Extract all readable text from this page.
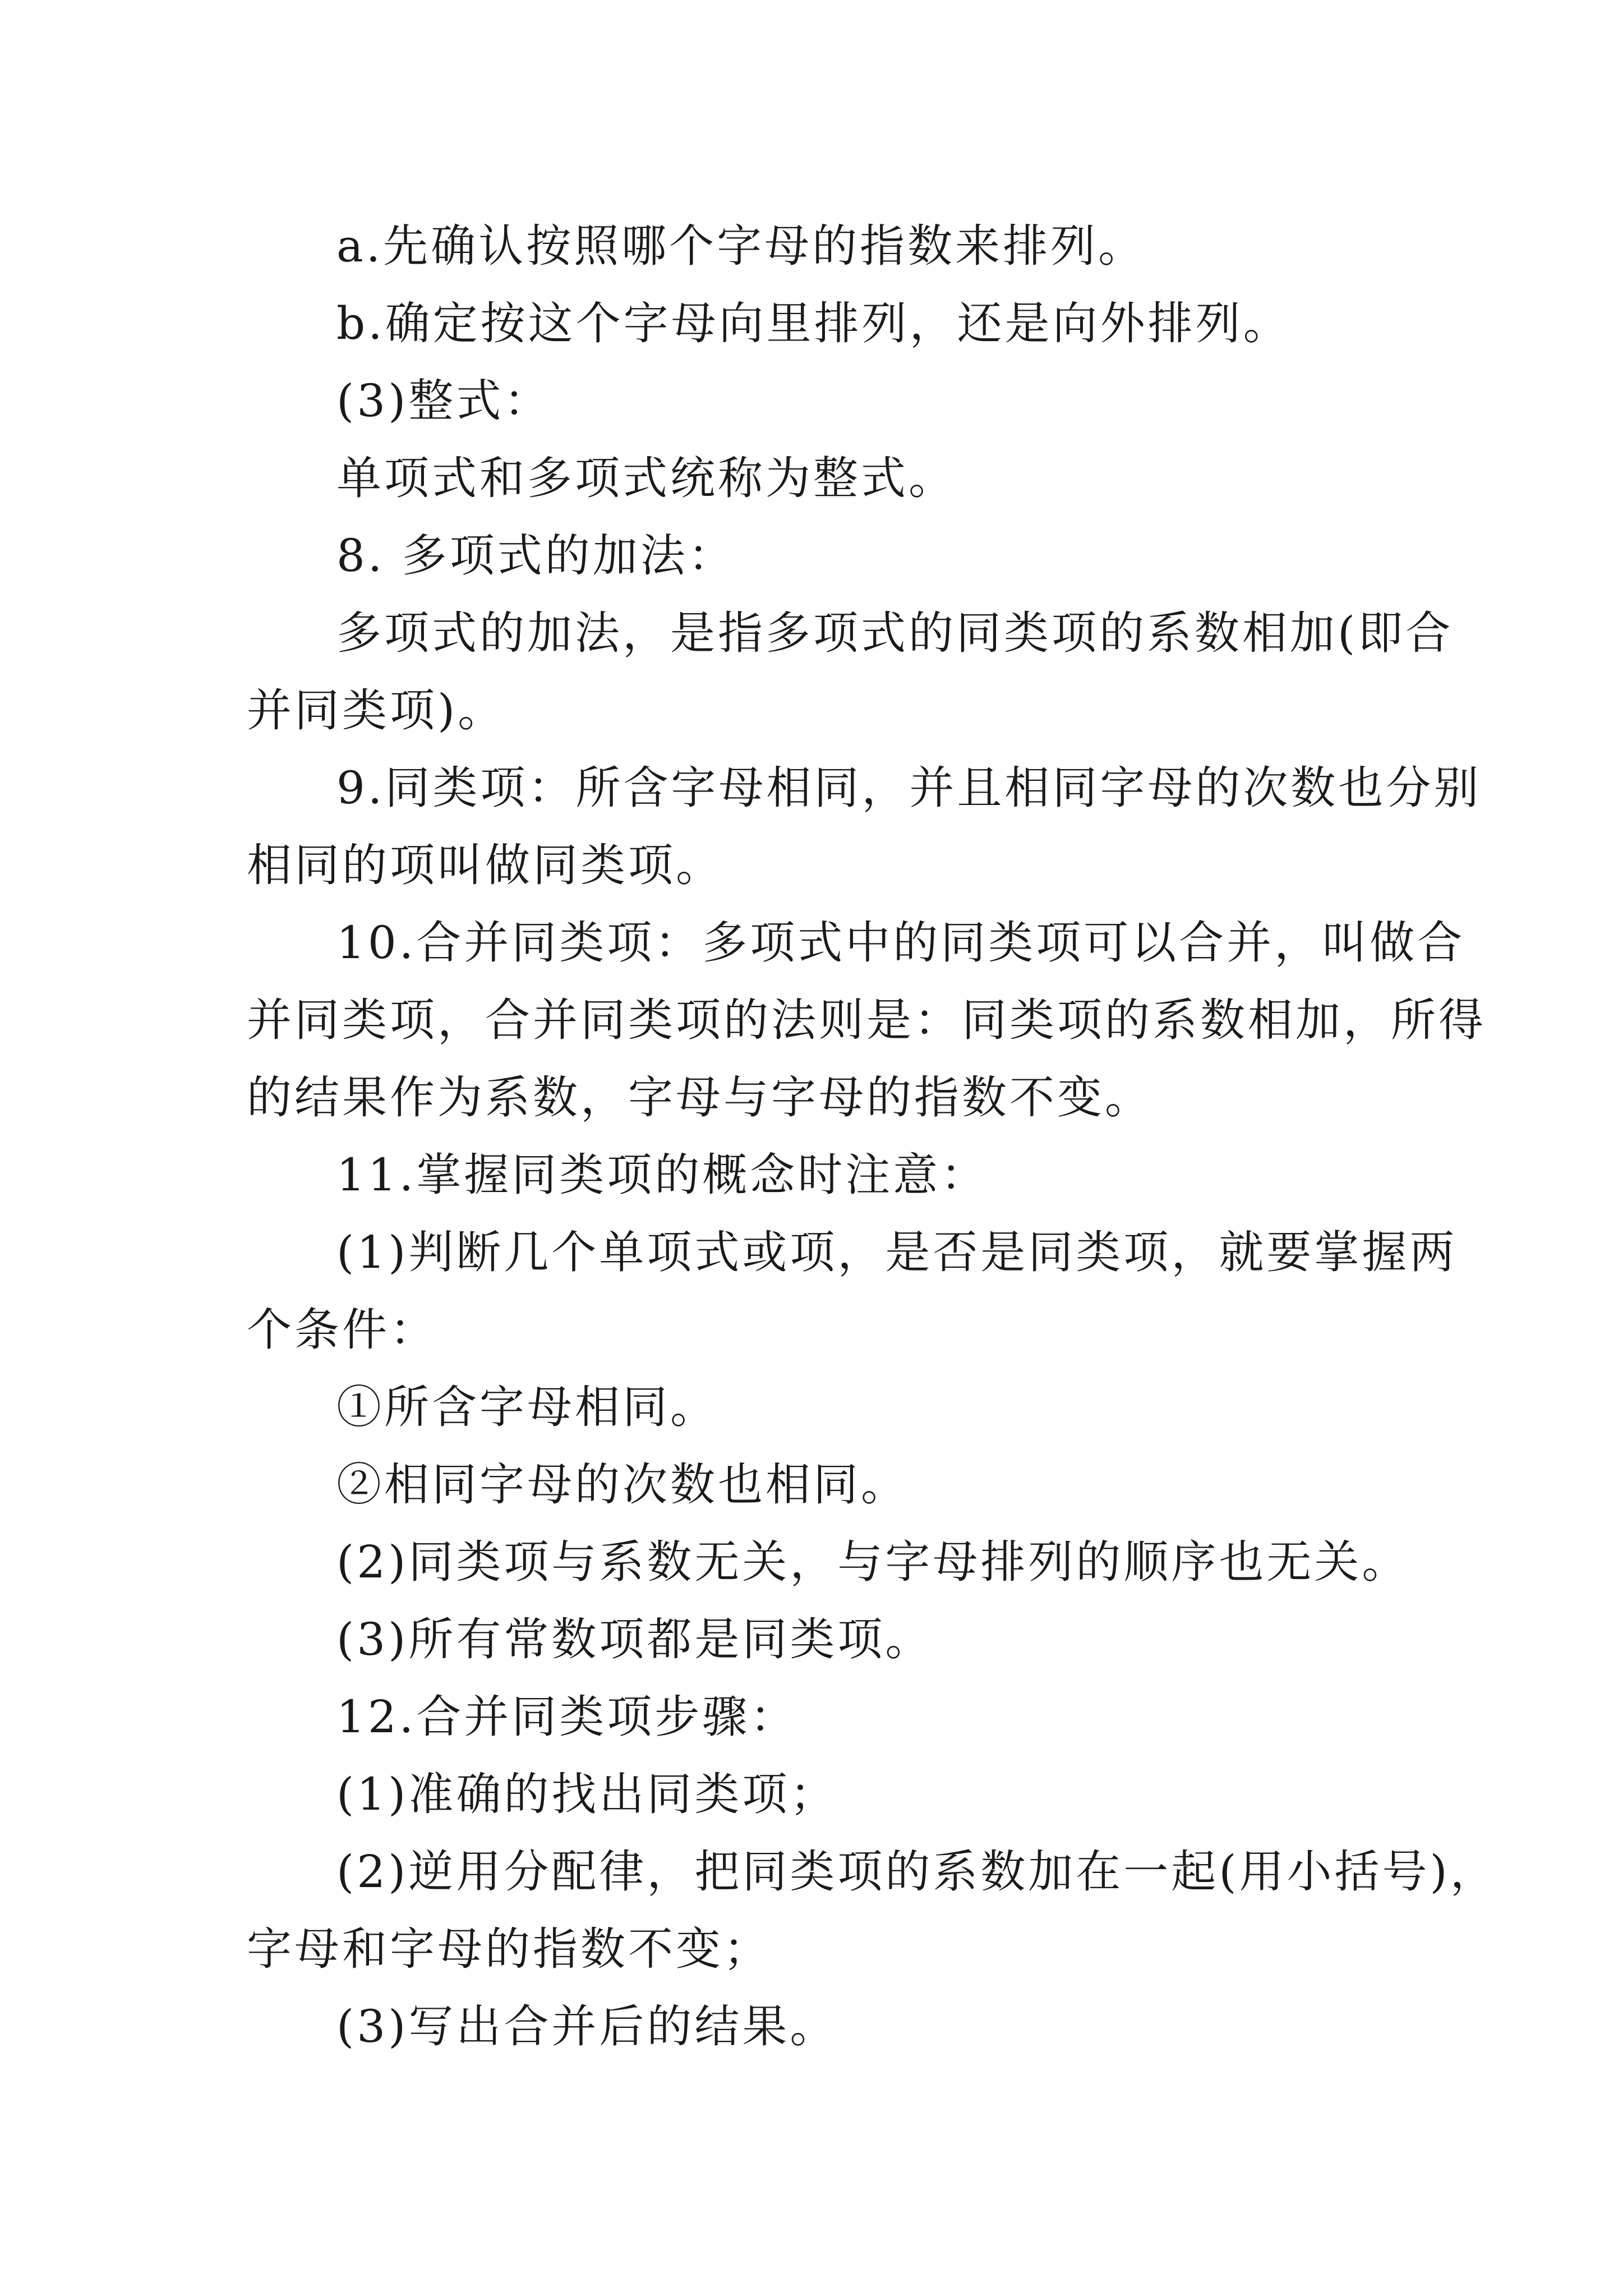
a.先确认按照哪个字母的指数来排列。
b.确定按这个字母向里排列，还是向外排列。
(3)整式：
单项式和多项式统称为整式。
8. 多项式的加法：
多项式的加法，是指多项式的同类项的系数相加(即合
并同类项)。
9.同类项：所含字母相同，并且相同字母的次数也分别
相同的项叫做同类项。
10.合并同类项：多项式中的同类项可以合并，叫做合
并同类项，合并同类项的法则是：同类项的系数相加，所得
的结果作为系数，字母与字母的指数不变。
11.掌握同类项的概念时注意：
(1)判断几个单项式或项，是否是同类项，就要掌握两
个条件：
①所含字母相同。
②相同字母的次数也相同。
(2)同类项与系数无关，与字母排列的顺序也无关。
(3)所有常数项都是同类项。
12.合并同类项步骤：
(1)准确的找出同类项；
(2)逆用分配律，把同类项的系数加在一起(用小括号)，
字母和字母的指数不变；
(3)写出合并后的结果。
